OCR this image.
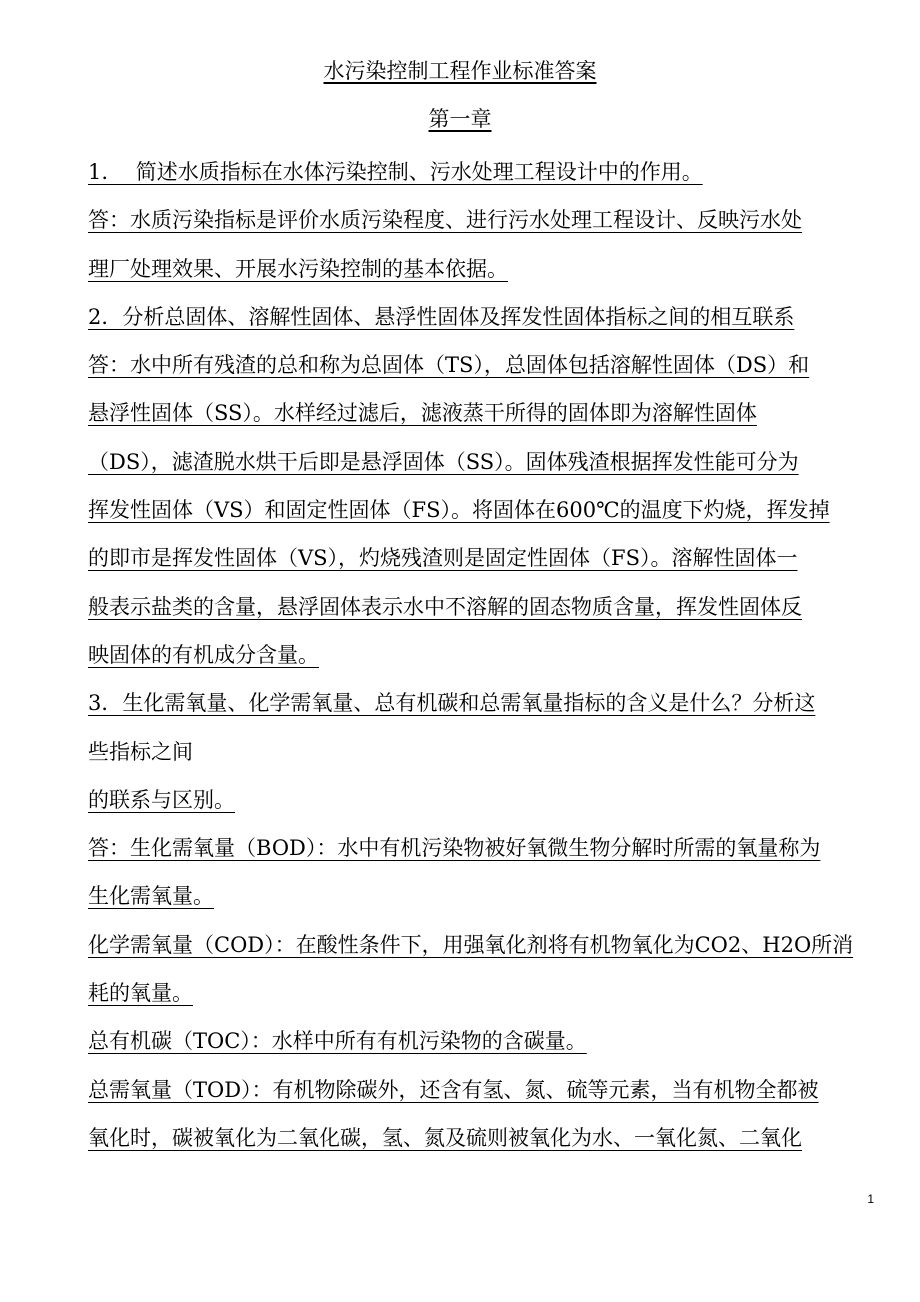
水污染控制工程作业标准答案
第一章
1.　 简述水质指标在水体污染控制、污水处理工程设计中的作用。
答：水质污染指标是评价水质污染程度、进行污水处理工程设计、反映污水处
理厂处理效果、开展水污染控制的基本依据。
2．分析总固体、溶解性固体、悬浮性固体及挥发性固体指标之间的相互联系
答：水中所有残渣的总和称为总固体（TS），总固体包括溶解性固体（DS）和
悬浮性固体（SS）。水样经过滤后，滤液蒸干所得的固体即为溶解性固体
（DS），滤渣脱水烘干后即是悬浮固体（SS）。固体残渣根据挥发性能可分为
挥发性固体（VS）和固定性固体（FS）。将固体在600℃的温度下灼烧，挥发掉
的即市是挥发性固体（VS），灼烧残渣则是固定性固体（FS）。溶解性固体一
般表示盐类的含量，悬浮固体表示水中不溶解的固态物质含量，挥发性固体反
映固体的有机成分含量。
3．生化需氧量、化学需氧量、总有机碳和总需氧量指标的含义是什么？分析这
些指标之间
的联系与区别。
答：生化需氧量（BOD）：水中有机污染物被好氧微生物分解时所需的氧量称为
生化需氧量。
化学需氧量（COD）：在酸性条件下，用强氧化剂将有机物氧化为CO2、H2O所消
耗的氧量。
总有机碳（TOC）：水样中所有有机污染物的含碳量。
总需氧量（TOD）：有机物除碳外，还含有氢、氮、硫等元素，当有机物全都被
氧化时，碳被氧化为二氧化碳，氢、氮及硫则被氧化为水、一氧化氮、二氧化
1
